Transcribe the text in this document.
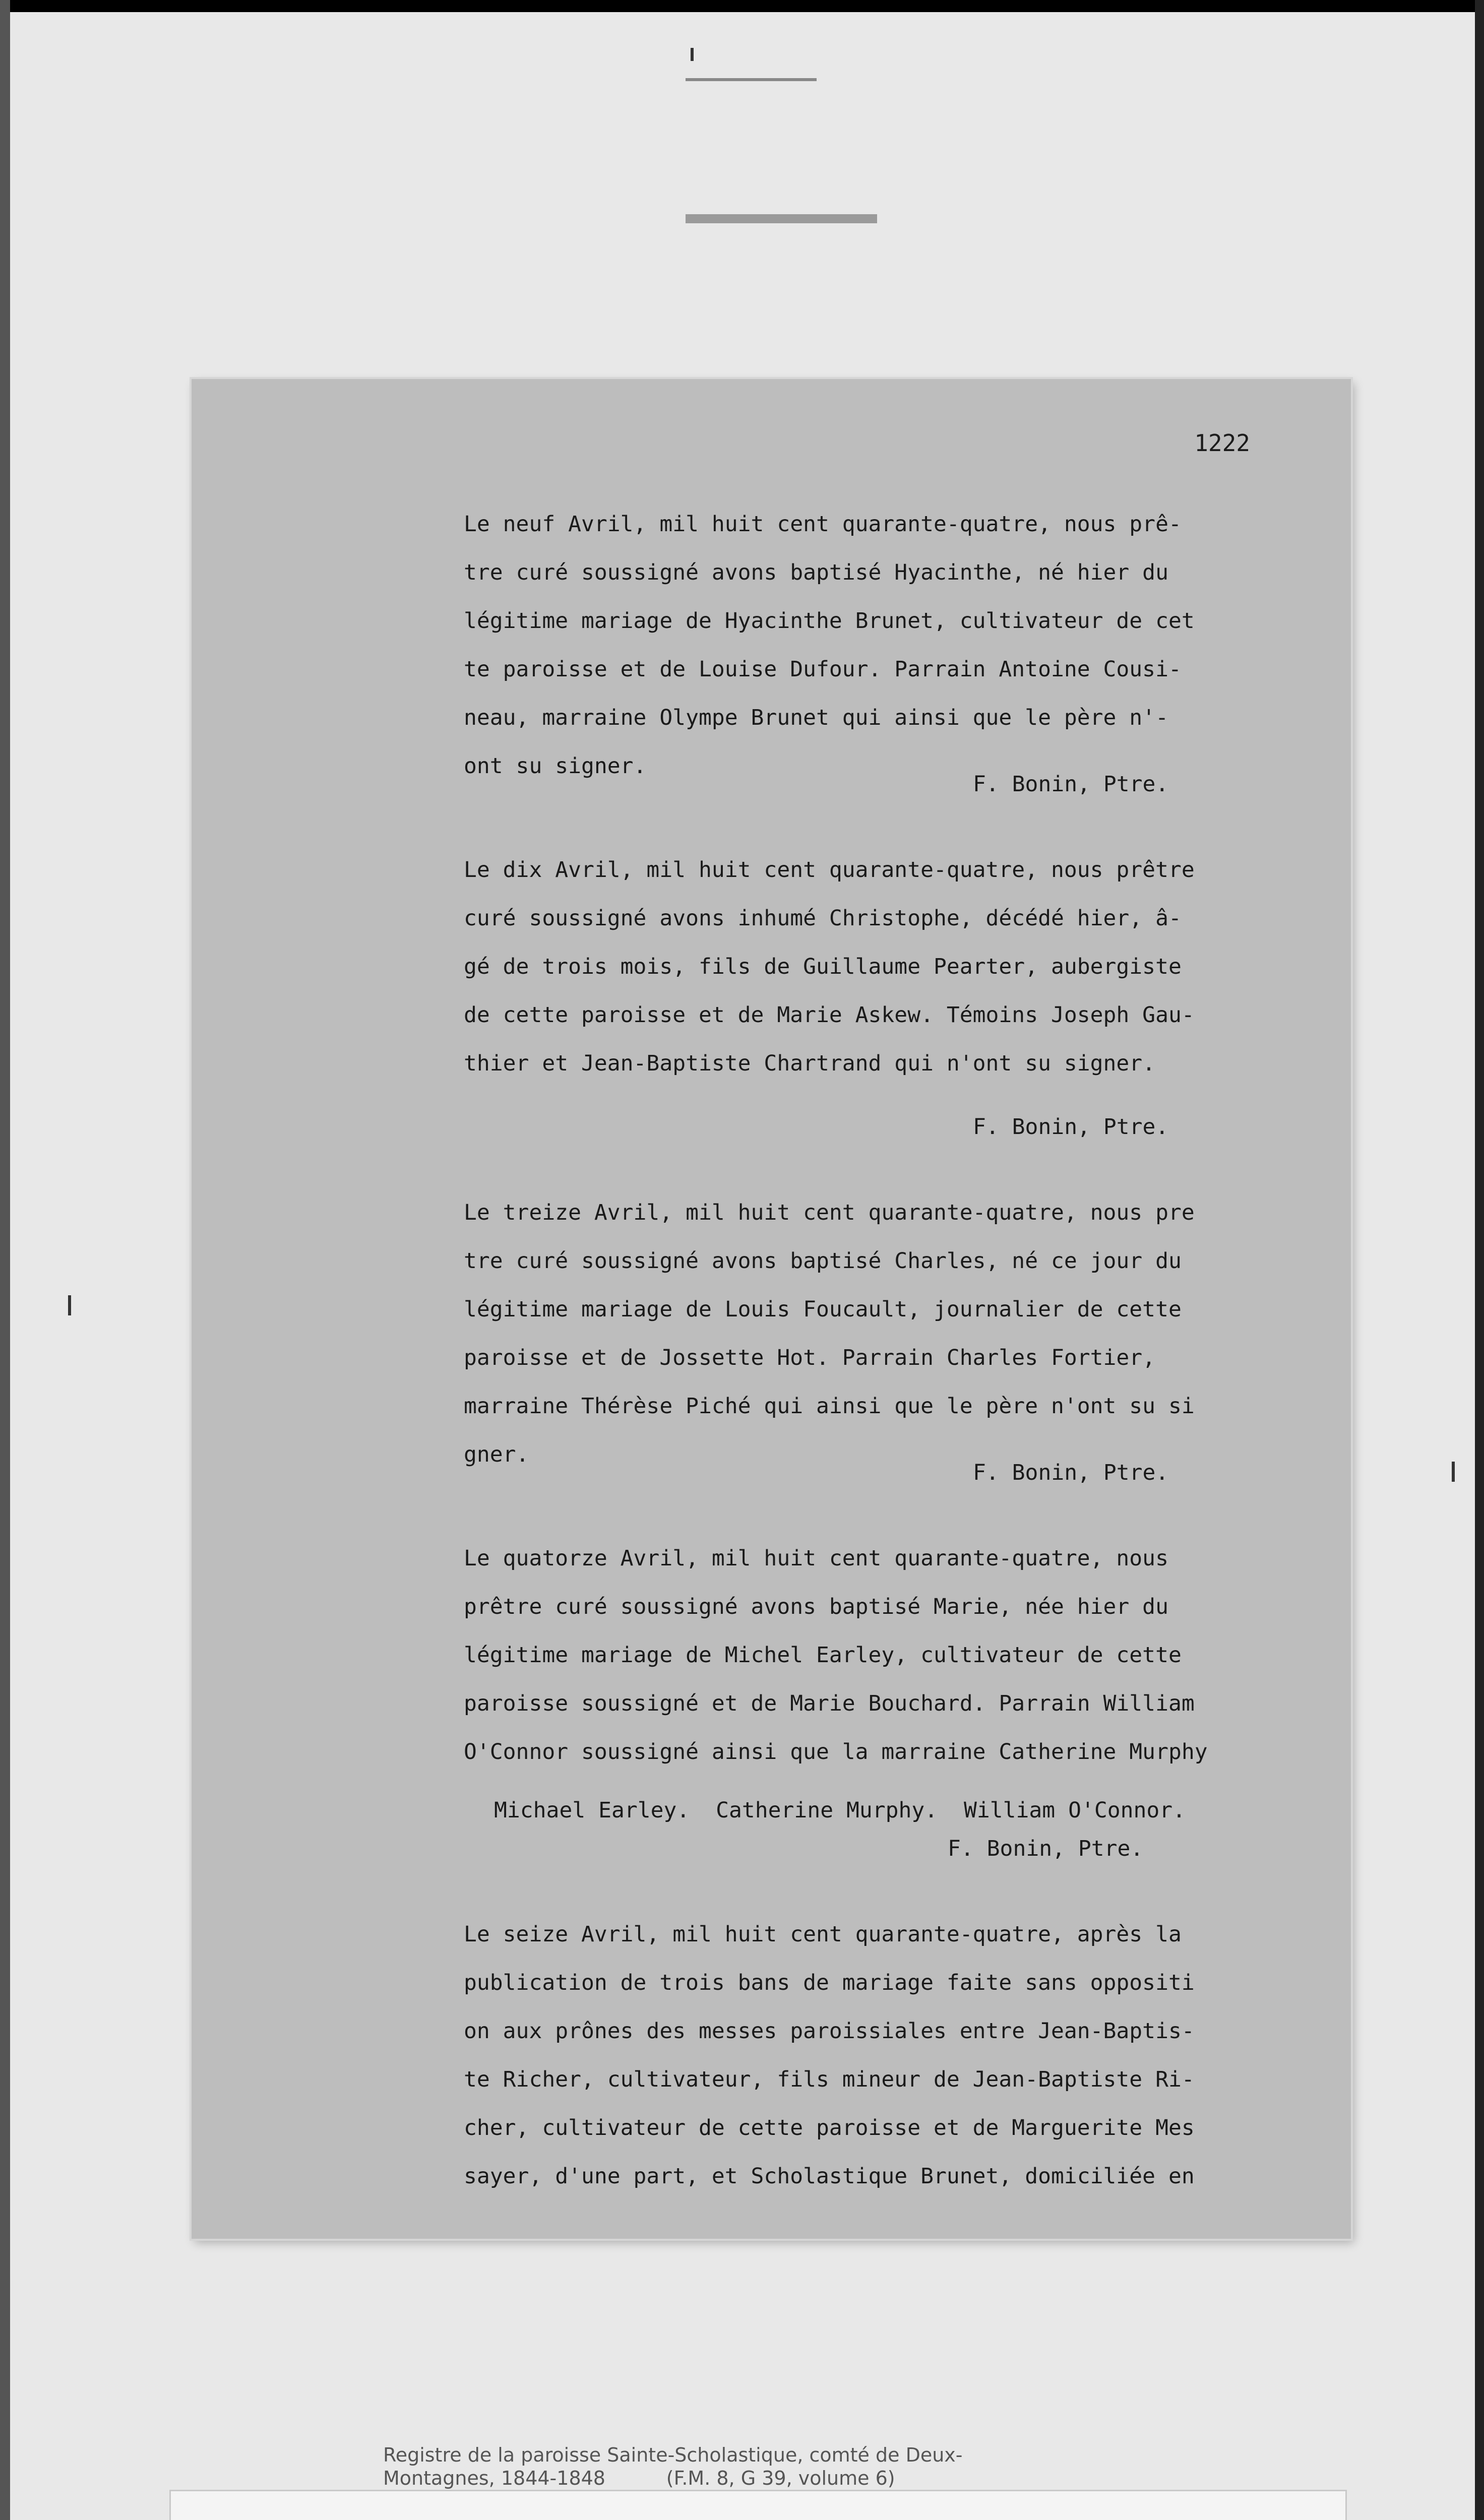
1222
Le neuf Avril, mil huit cent quarante-quatre, nous prê-
tre curé soussigné avons baptisé Hyacinthe, né hier du
légitime mariage de Hyacinthe Brunet, cultivateur de cet
te paroisse et de Louise Dufour. Parrain Antoine Cousi-
neau, marraine Olympe Brunet qui ainsi que le père n'-
ont su signer.
F. Bonin, Ptre.
Le dix Avril, mil huit cent quarante-quatre, nous prêtre
curé soussigné avons inhumé Christophe, décédé hier, â-
gé de trois mois, fils de Guillaume Pearter, aubergiste
de cette paroisse et de Marie Askew. Témoins Joseph Gau-
thier et Jean-Baptiste Chartrand qui n'ont su signer.
F. Bonin, Ptre.
Le treize Avril, mil huit cent quarante-quatre, nous pre
tre curé soussigné avons baptisé Charles, né ce jour du
légitime mariage de Louis Foucault, journalier de cette
paroisse et de Jossette Hot. Parrain Charles Fortier,
marraine Thérèse Piché qui ainsi que le père n'ont su si
gner.
F. Bonin, Ptre.
Le quatorze Avril, mil huit cent quarante-quatre, nous
prêtre curé soussigné avons baptisé Marie, née hier du
légitime mariage de Michel Earley, cultivateur de cette
paroisse soussigné et de Marie Bouchard. Parrain William
O'Connor soussigné ainsi que la marraine Catherine Murphy
Michael Earley.  Catherine Murphy.  William O'Connor.
F. Bonin, Ptre.
Le seize Avril, mil huit cent quarante-quatre, après la
publication de trois bans de mariage faite sans oppositi
on aux prônes des messes paroissiales entre Jean-Baptis-
te Richer, cultivateur, fils mineur de Jean-Baptiste Ri-
cher, cultivateur de cette paroisse et de Marguerite Mes
sayer, d'une part, et Scholastique Brunet, domiciliée en
Registre de la paroisse Sainte-Scholastique, comté de Deux-
Montagnes, 1844-1848          (F.M. 8, G 39, volume 6)
